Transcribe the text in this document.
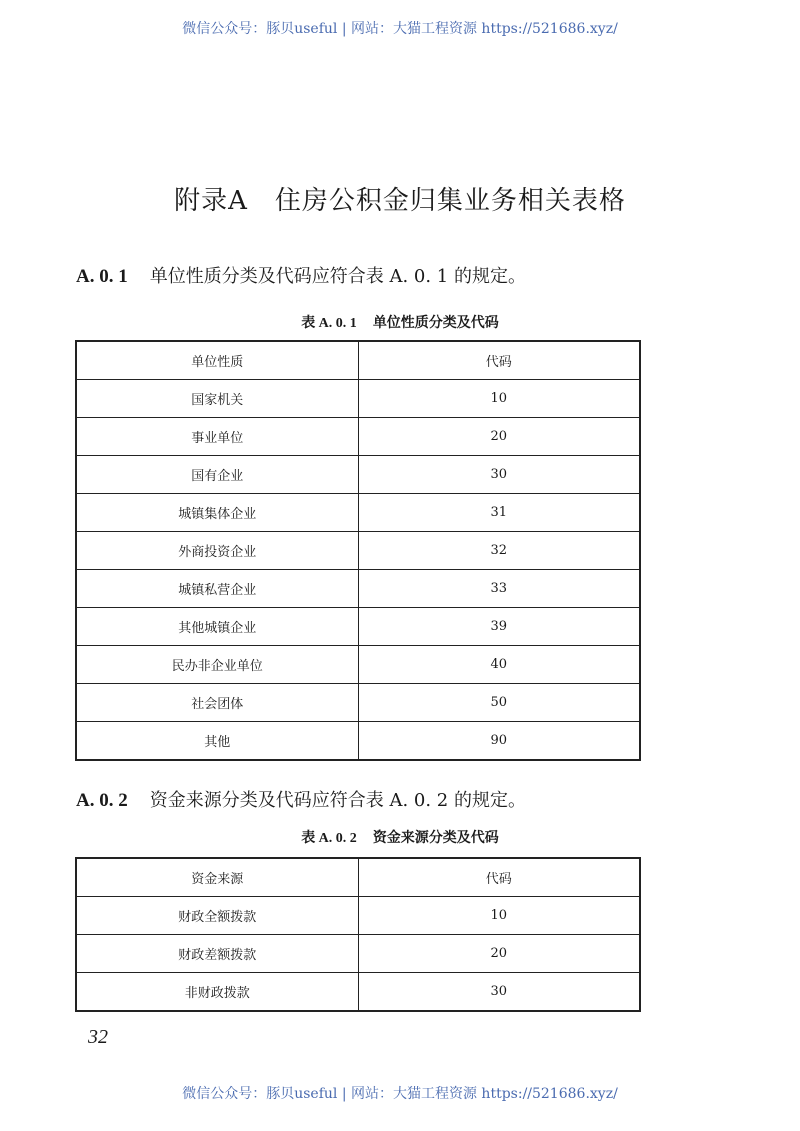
微信公众号：豚贝useful | 网站：大猫工程资源 https://521686.xyz/
附录A　住房公积金归集业务相关表格
A. 0. 1 单位性质分类及代码应符合表 A. 0. 1 的规定。
表 A. 0. 1 单位性质分类及代码
单位性质	代码
国家机关	10
事业单位	20
国有企业	30
城镇集体企业	31
外商投资企业	32
城镇私营企业	33
其他城镇企业	39
民办非企业单位	40
社会团体	50
其他	90
A. 0. 2 资金来源分类及代码应符合表 A. 0. 2 的规定。
表 A. 0. 2 资金来源分类及代码
资金来源	代码
财政全额拨款	10
财政差额拨款	20
非财政拨款	30
32
微信公众号：豚贝useful | 网站：大猫工程资源 https://521686.xyz/
